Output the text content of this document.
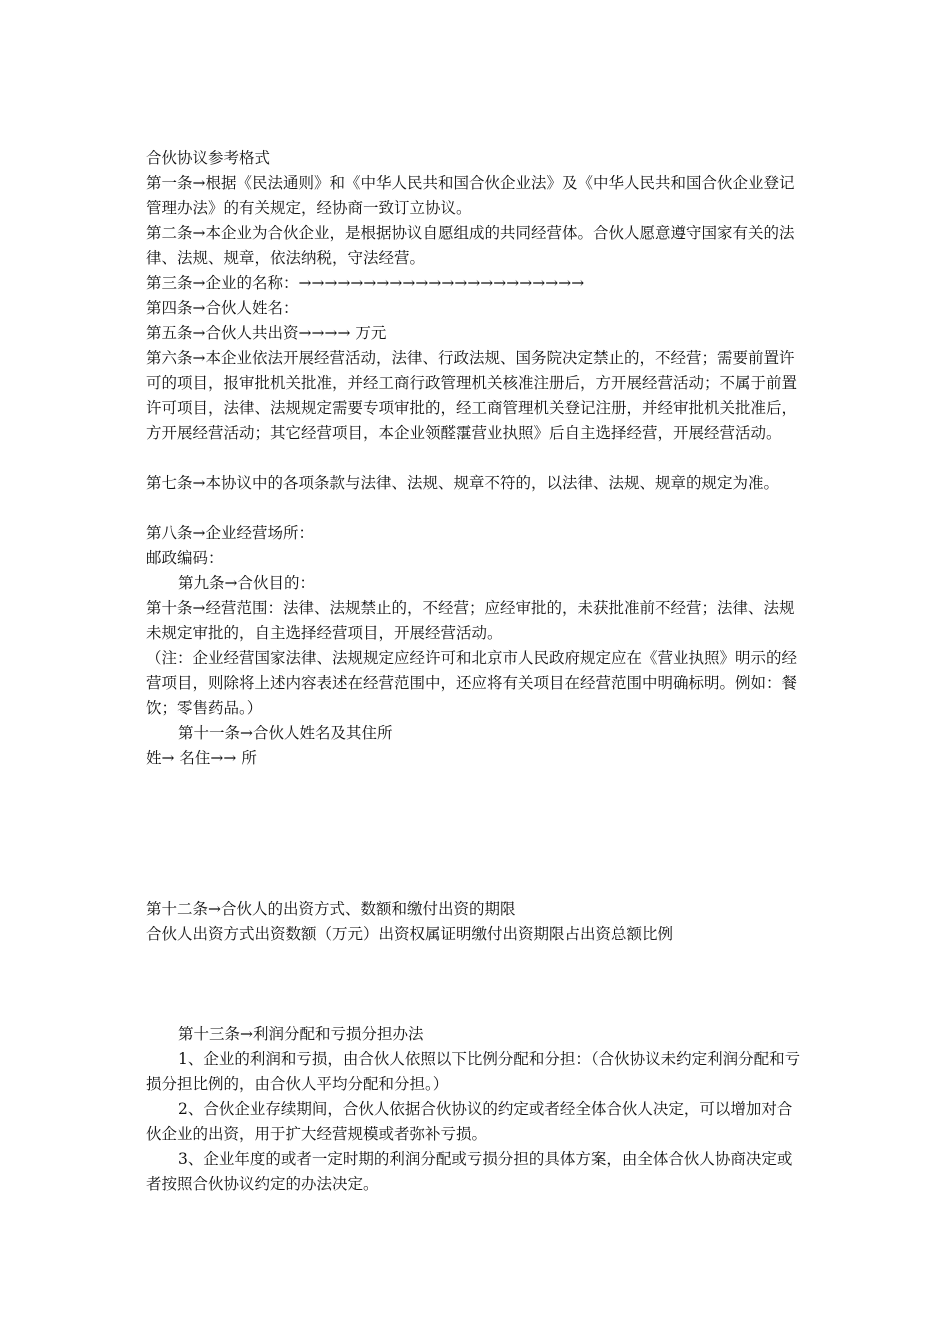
合伙协议参考格式

第一条→根据《民法通则》和《中华人民共和国合伙企业法》及《中华人民共和国合伙企业登记管理办法》的有关规定，经协商一致订立协议。

第二条→本企业为合伙企业，是根据协议自愿组成的共同经营体。合伙人愿意遵守国家有关的法律、法规、规章，依法纳税，守法经营。

第三条→企业的名称：→→→→→→→→→→→→→→→→→→→→→→

第四条→合伙人姓名：

第五条→合伙人共出资→→→→ 万元

第六条→本企业依法开展经营活动，法律、行政法规、国务院决定禁止的，不经营；需要前置许可的项目，报审批机关批准，并经工商行政管理机关核准注册后，方开展经营活动；不属于前置许可项目，法律、法规规定需要专项审批的，经工商管理机关登记注册，并经审批机关批准后，方开展经营活动；其它经营项目，本企业领醛霮营业执照》后自主选择经营，开展经营活动。

第七条→本协议中的各项条款与法律、法规、规章不符的，以法律、法规、规章的规定为准。

第八条→企业经营场所：

邮政编码：

第九条→合伙目的：

第十条→经营范围：法律、法规禁止的，不经营；应经审批的，未获批准前不经营；法律、法规未规定审批的，自主选择经营项目，开展经营活动。

（注：企业经营国家法律、法规规定应经许可和北京市人民政府规定应在《营业执照》明示的经营项目，则除将上述内容表述在经营范围中，还应将有关项目在经营范围中明确标明。例如：餐饮；零售药品。）

第十一条→合伙人姓名及其住所

姓→ 名住→→ 所

第十二条→合伙人的出资方式、数额和缴付出资的期限

合伙人出资方式出资数额（万元）出资权属证明缴付出资期限占出资总额比例

第十三条→利润分配和亏损分担办法

1、企业的利润和亏损，由合伙人依照以下比例分配和分担：（合伙协议未约定利润分配和亏损分担比例的，由合伙人平均分配和分担。）

2、合伙企业存续期间，合伙人依据合伙协议的约定或者经全体合伙人决定，可以增加对合伙企业的出资，用于扩大经营规模或者弥补亏损。

3、企业年度的或者一定时期的利润分配或亏损分担的具体方案，由全体合伙人协商决定或者按照合伙协议约定的办法决定。
